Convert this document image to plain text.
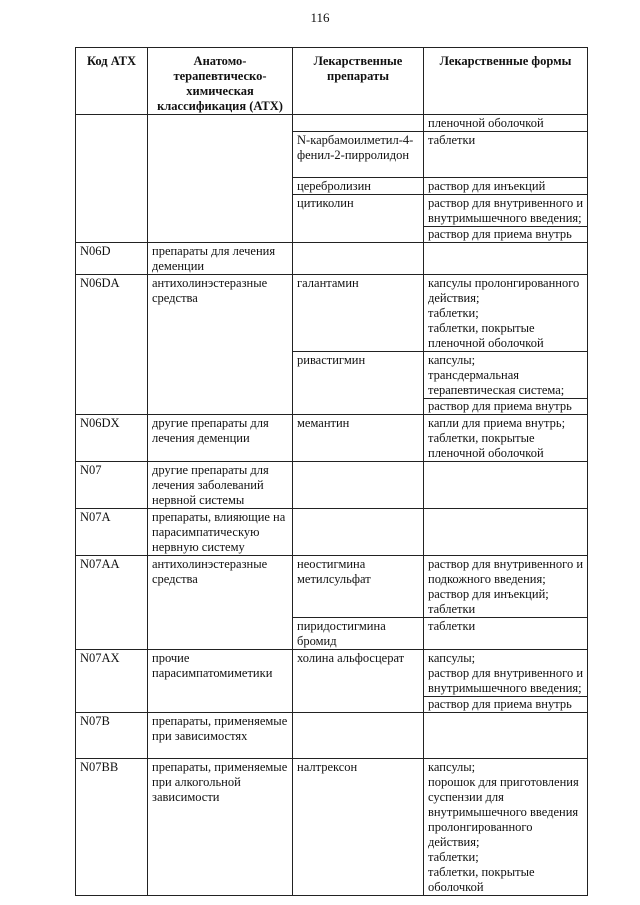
116
Код АТХ	Анатомо-терапевтическо-химическая классификация (АТХ)	Лекарственные препараты	Лекарственные формы
			пленочной оболочкой
		N-карбамоилметил-4-фенил-2-пирролидон	таблетки
		церебролизин	раствор для инъекций
		цитиколин	раствор для внутривенного и внутримышечного введения;
раствор для приема внутрь

N06D	препараты для лечения деменции		
N06DA	антихолинэстеразные средства	галантамин	капсулы пролонгированного действия;
таблетки;
таблетки, покрытые пленочной оболочкой

		ривастигмин	капсулы;
трансдермальная терапевтическая система;
раствор для приема внутрь

N06DX	другие препараты для лечения деменции	мемантин	капли для приема внутрь;
таблетки, покрытые пленочной оболочкой

N07	другие препараты для лечения заболеваний нервной системы		
N07A	препараты, влияющие на парасимпатическую нервную систему		
N07AA	антихолинэстеразные средства	неостигмина метилсульфат	раствор для внутривенного и подкожного введения;
раствор для инъекций;
таблетки

		пиридостигмина бромид	таблетки
N07AX	прочие парасимпатомиметики	холина альфосцерат	капсулы;
раствор для внутривенного и внутримышечного введения;
раствор для приема внутрь

N07B	препараты, применяемые при зависимостях		
N07BB	препараты, применяемые при алкогольной зависимости	налтрексон	капсулы;
порошок для приготовления суспензии для внутримышечного введения пролонгированного действия;
таблетки;
таблетки, покрытые оболочкой
